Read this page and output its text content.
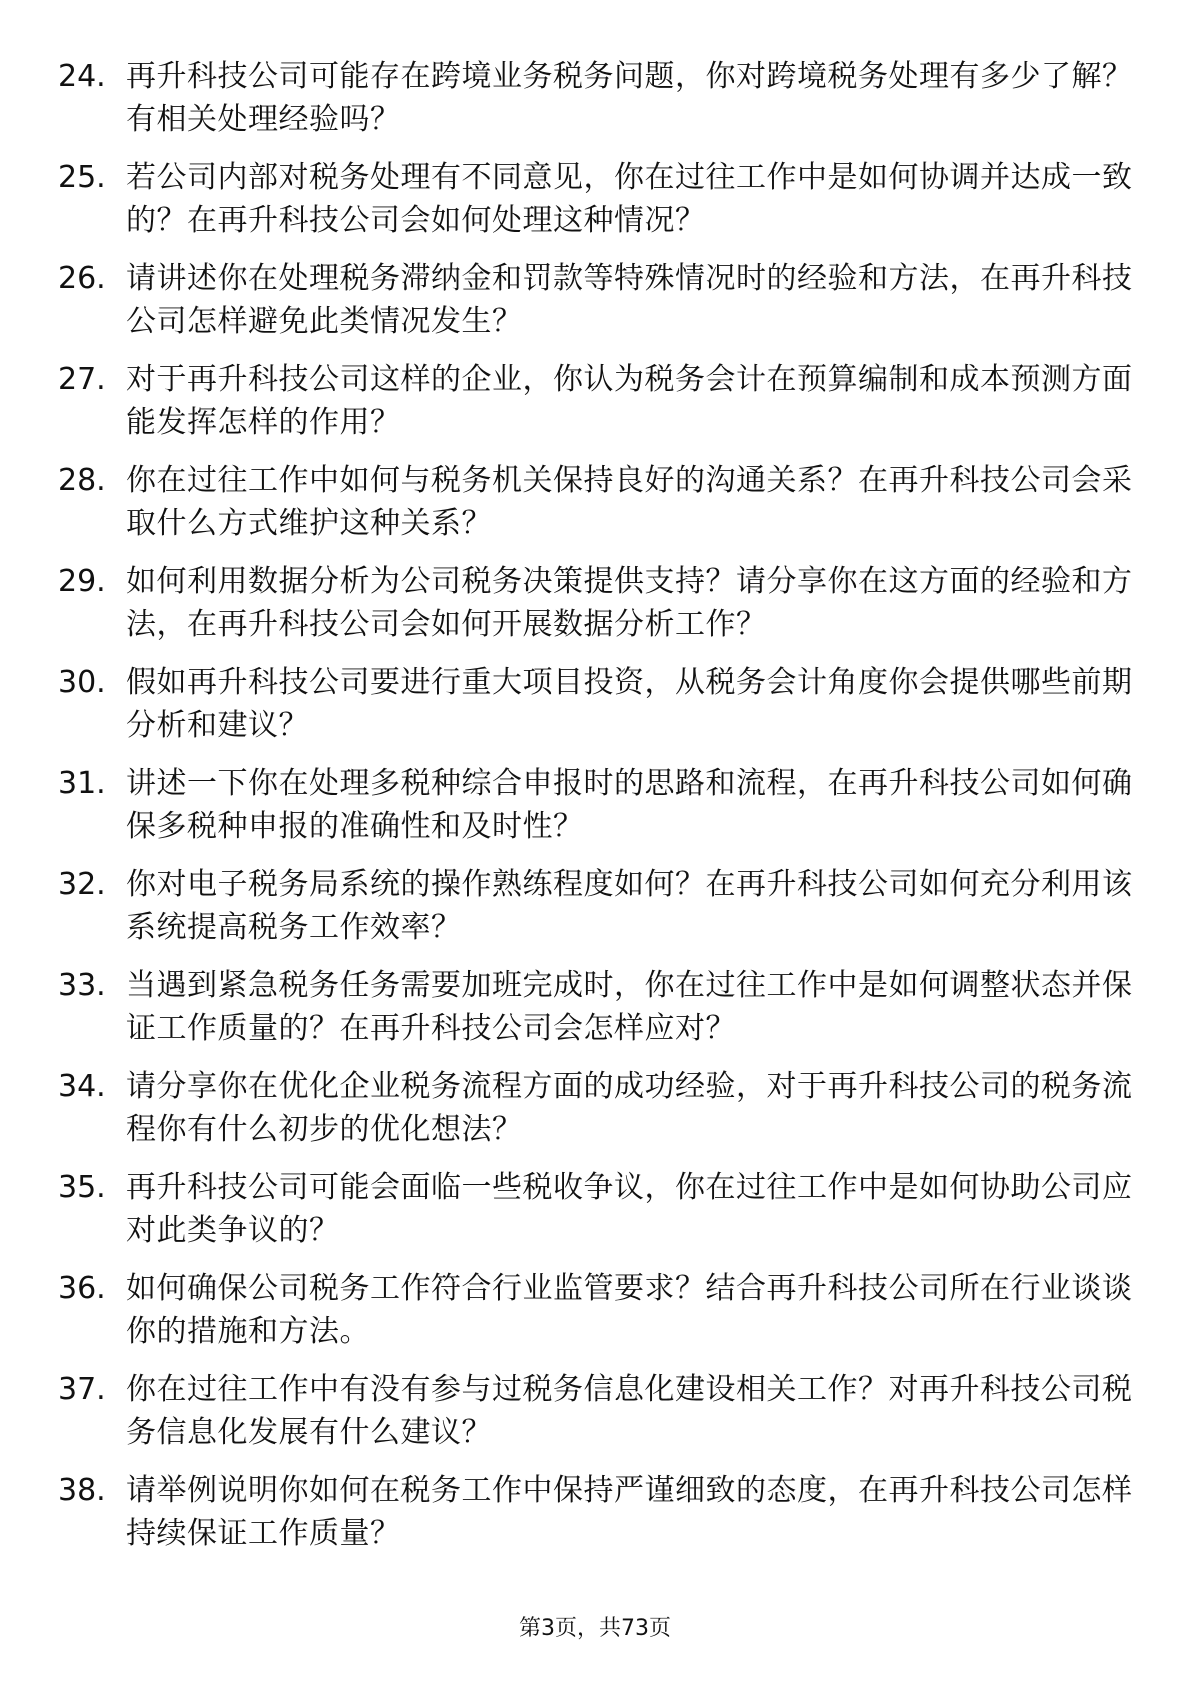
24. 再升科技公司可能存在跨境业务税务问题，你对跨境税务处理有多少了解？有相关处理经验吗？
25. 若公司内部对税务处理有不同意见，你在过往工作中是如何协调并达成一致的？在再升科技公司会如何处理这种情况？
26. 请讲述你在处理税务滞纳金和罚款等特殊情况时的经验和方法，在再升科技公司怎样避免此类情况发生？
27. 对于再升科技公司这样的企业，你认为税务会计在预算编制和成本预测方面能发挥怎样的作用？
28. 你在过往工作中如何与税务机关保持良好的沟通关系？在再升科技公司会采取什么方式维护这种关系？
29. 如何利用数据分析为公司税务决策提供支持？请分享你在这方面的经验和方法，在再升科技公司会如何开展数据分析工作？
30. 假如再升科技公司要进行重大项目投资，从税务会计角度你会提供哪些前期分析和建议？
31. 讲述一下你在处理多税种综合申报时的思路和流程，在再升科技公司如何确保多税种申报的准确性和及时性？
32. 你对电子税务局系统的操作熟练程度如何？在再升科技公司如何充分利用该系统提高税务工作效率？
33. 当遇到紧急税务任务需要加班完成时，你在过往工作中是如何调整状态并保证工作质量的？在再升科技公司会怎样应对？
34. 请分享你在优化企业税务流程方面的成功经验，对于再升科技公司的税务流程你有什么初步的优化想法？
35. 再升科技公司可能会面临一些税收争议，你在过往工作中是如何协助公司应对此类争议的？
36. 如何确保公司税务工作符合行业监管要求？结合再升科技公司所在行业谈谈你的措施和方法。
37. 你在过往工作中有没有参与过税务信息化建设相关工作？对再升科技公司税务信息化发展有什么建议？
38. 请举例说明你如何在税务工作中保持严谨细致的态度，在再升科技公司怎样持续保证工作质量？
第3页，共73页
